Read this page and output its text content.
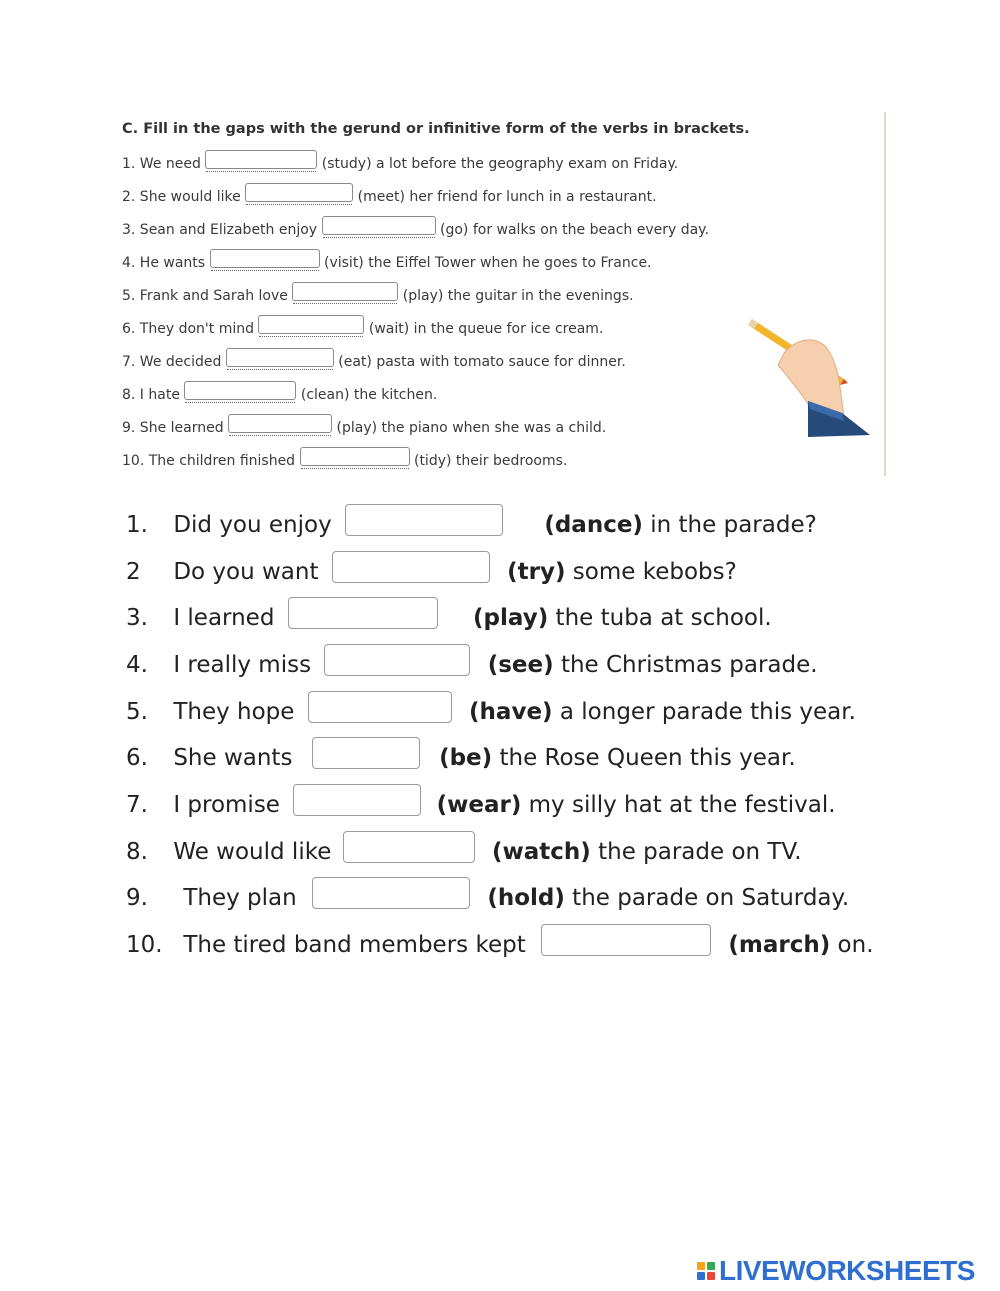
C. Fill in the gaps with the gerund or infinitive form of the verbs in brackets.
1. We need	(study) a lot before the geography exam on Friday.
2. She would like	(meet) her friend for lunch in a restaurant.
3. Sean and Elizabeth enjoy	(go) for walks on the beach every day.
4. He wants	(visit) the Eiffel Tower when he goes to France.
5. Frank and Sarah love	(play) the guitar in the evenings.
6. They don't mind	(wait) in the queue for ice cream.
7. We decided	(eat) pasta with tomato sauce for dinner.
8. I hate	(clean) the kitchen.
9. She learned	(play) the piano when she was a child.
10. The children finished	(tidy) their bedrooms.
1. Did you enjoy	(dance) in the parade?
2 Do you want	(try) some kebobs?
3. I learned	(play) the tuba at school.
4. I really miss	(see) the Christmas parade.
5. They hope	(have) a longer parade this year.
6. She wants	(be) the Rose Queen this year.
7. I promise	(wear) my silly hat at the festival.
8. We would like	(watch) the parade on TV.
9. They plan	(hold) the parade on Saturday.
10. The tired band members kept	(march) on.
LIVEWORKSHEETS
